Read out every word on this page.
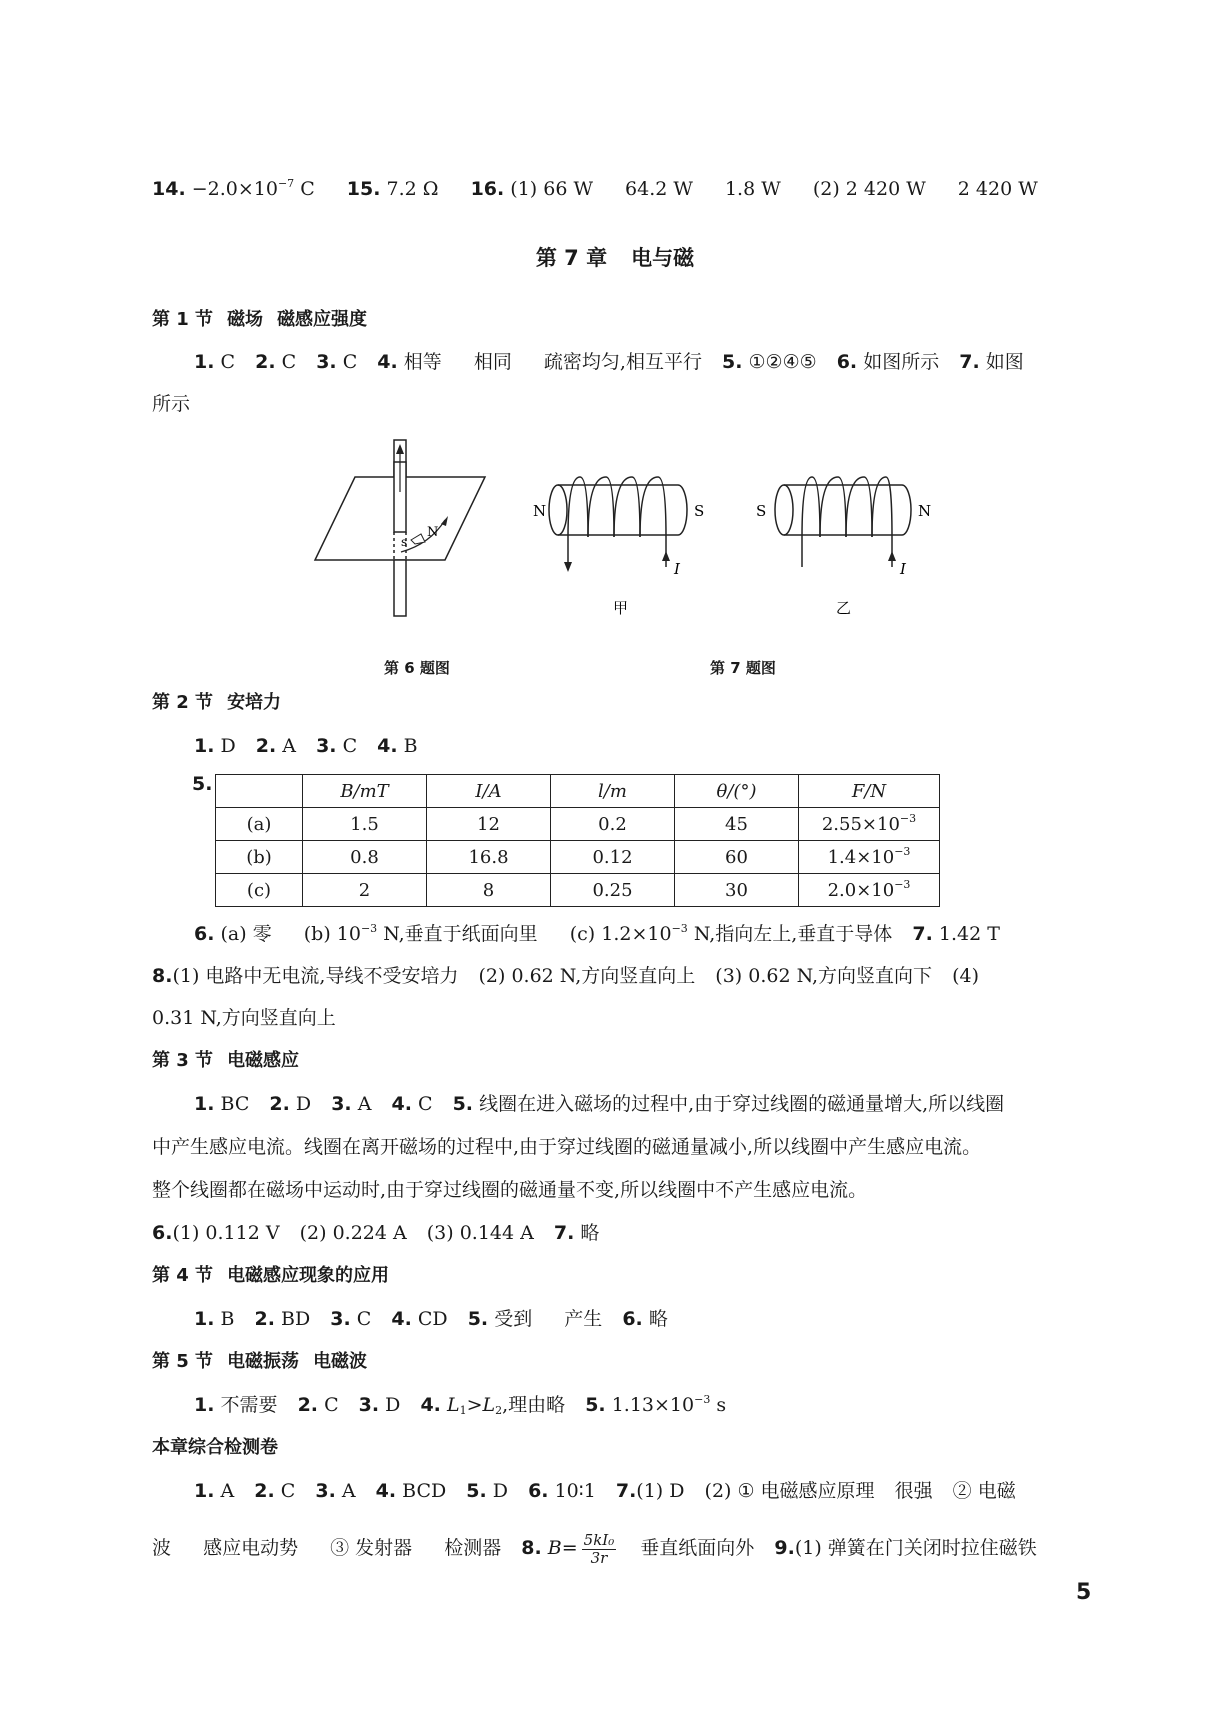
14. $-2.0\times 10^{-7}$ C 15. 7.2 Ω 16. (1) 66 W 64.2 W 1.8 W (2) 2 420 W 2 420 W
第 7 章 电与磁
第 1 节 磁场 磁感应强度
1. C 2. C 3. C 4. 相等 相同 疏密均匀,相互平行 5. ①②④⑤ 6. 如图所示 7. 如图
所示
s
N
N	S
I
甲
S	N
I
乙
第 6 题图	第 7 题图
第 2 节 安培力
1. D 2. A 3. C 4. B
5.
		B/mT	I/A	l/m	θ/(°)	F/N
(a)	1.5	12	0.2	45	$2.55\times 10^{-3}$
(b)	0.8	16.8	0.12	60	$1.4\times 10^{-3}$
(c)	2	8	0.25	30	$2.0\times 10^{-3}$
6. (a) 零 (b) $10^{-3}$ N,垂直于纸面向里 (c) $1.2\times 10^{-3}$ N,指向左上,垂直于导体 7. 1.42 T
8.(1) 电路中无电流,导线不受安培力 (2) 0.62 N,方向竖直向上 (3) 0.62 N,方向竖直向下 (4)
0.31 N,方向竖直向上
第 3 节 电磁感应
1. BC 2. D 3. A 4. C 5. 线圈在进入磁场的过程中,由于穿过线圈的磁通量增大,所以线圈
中产生感应电流。线圈在离开磁场的过程中,由于穿过线圈的磁通量减小,所以线圈中产生感应电流。
整个线圈都在磁场中运动时,由于穿过线圈的磁通量不变,所以线圈中不产生感应电流。
6.(1) 0.112 V (2) 0.224 A (3) 0.144 A 7. 略
第 4 节 电磁感应现象的应用
1. B 2. BD 3. C 4. CD 5. 受到 产生 6. 略
第 5 节 电磁振荡 电磁波
1. 不需要 2. C 3. D 4. $L_1>L_2$,理由略 5. $1.13\times 10^{-3}$ s
本章综合检测卷
1. A 2. C 3. A 4. BCD 5. D 6. 10∶1 7.(1) D (2) ① 电磁感应原理 很强 ② 电磁
波 感应电动势 ③ 发射器 检测器 8. $B= \frac{\text{5kI₀}}{3r}$ 垂直纸面向外 9.(1) 弹簧在门关闭时拉住磁铁
5
